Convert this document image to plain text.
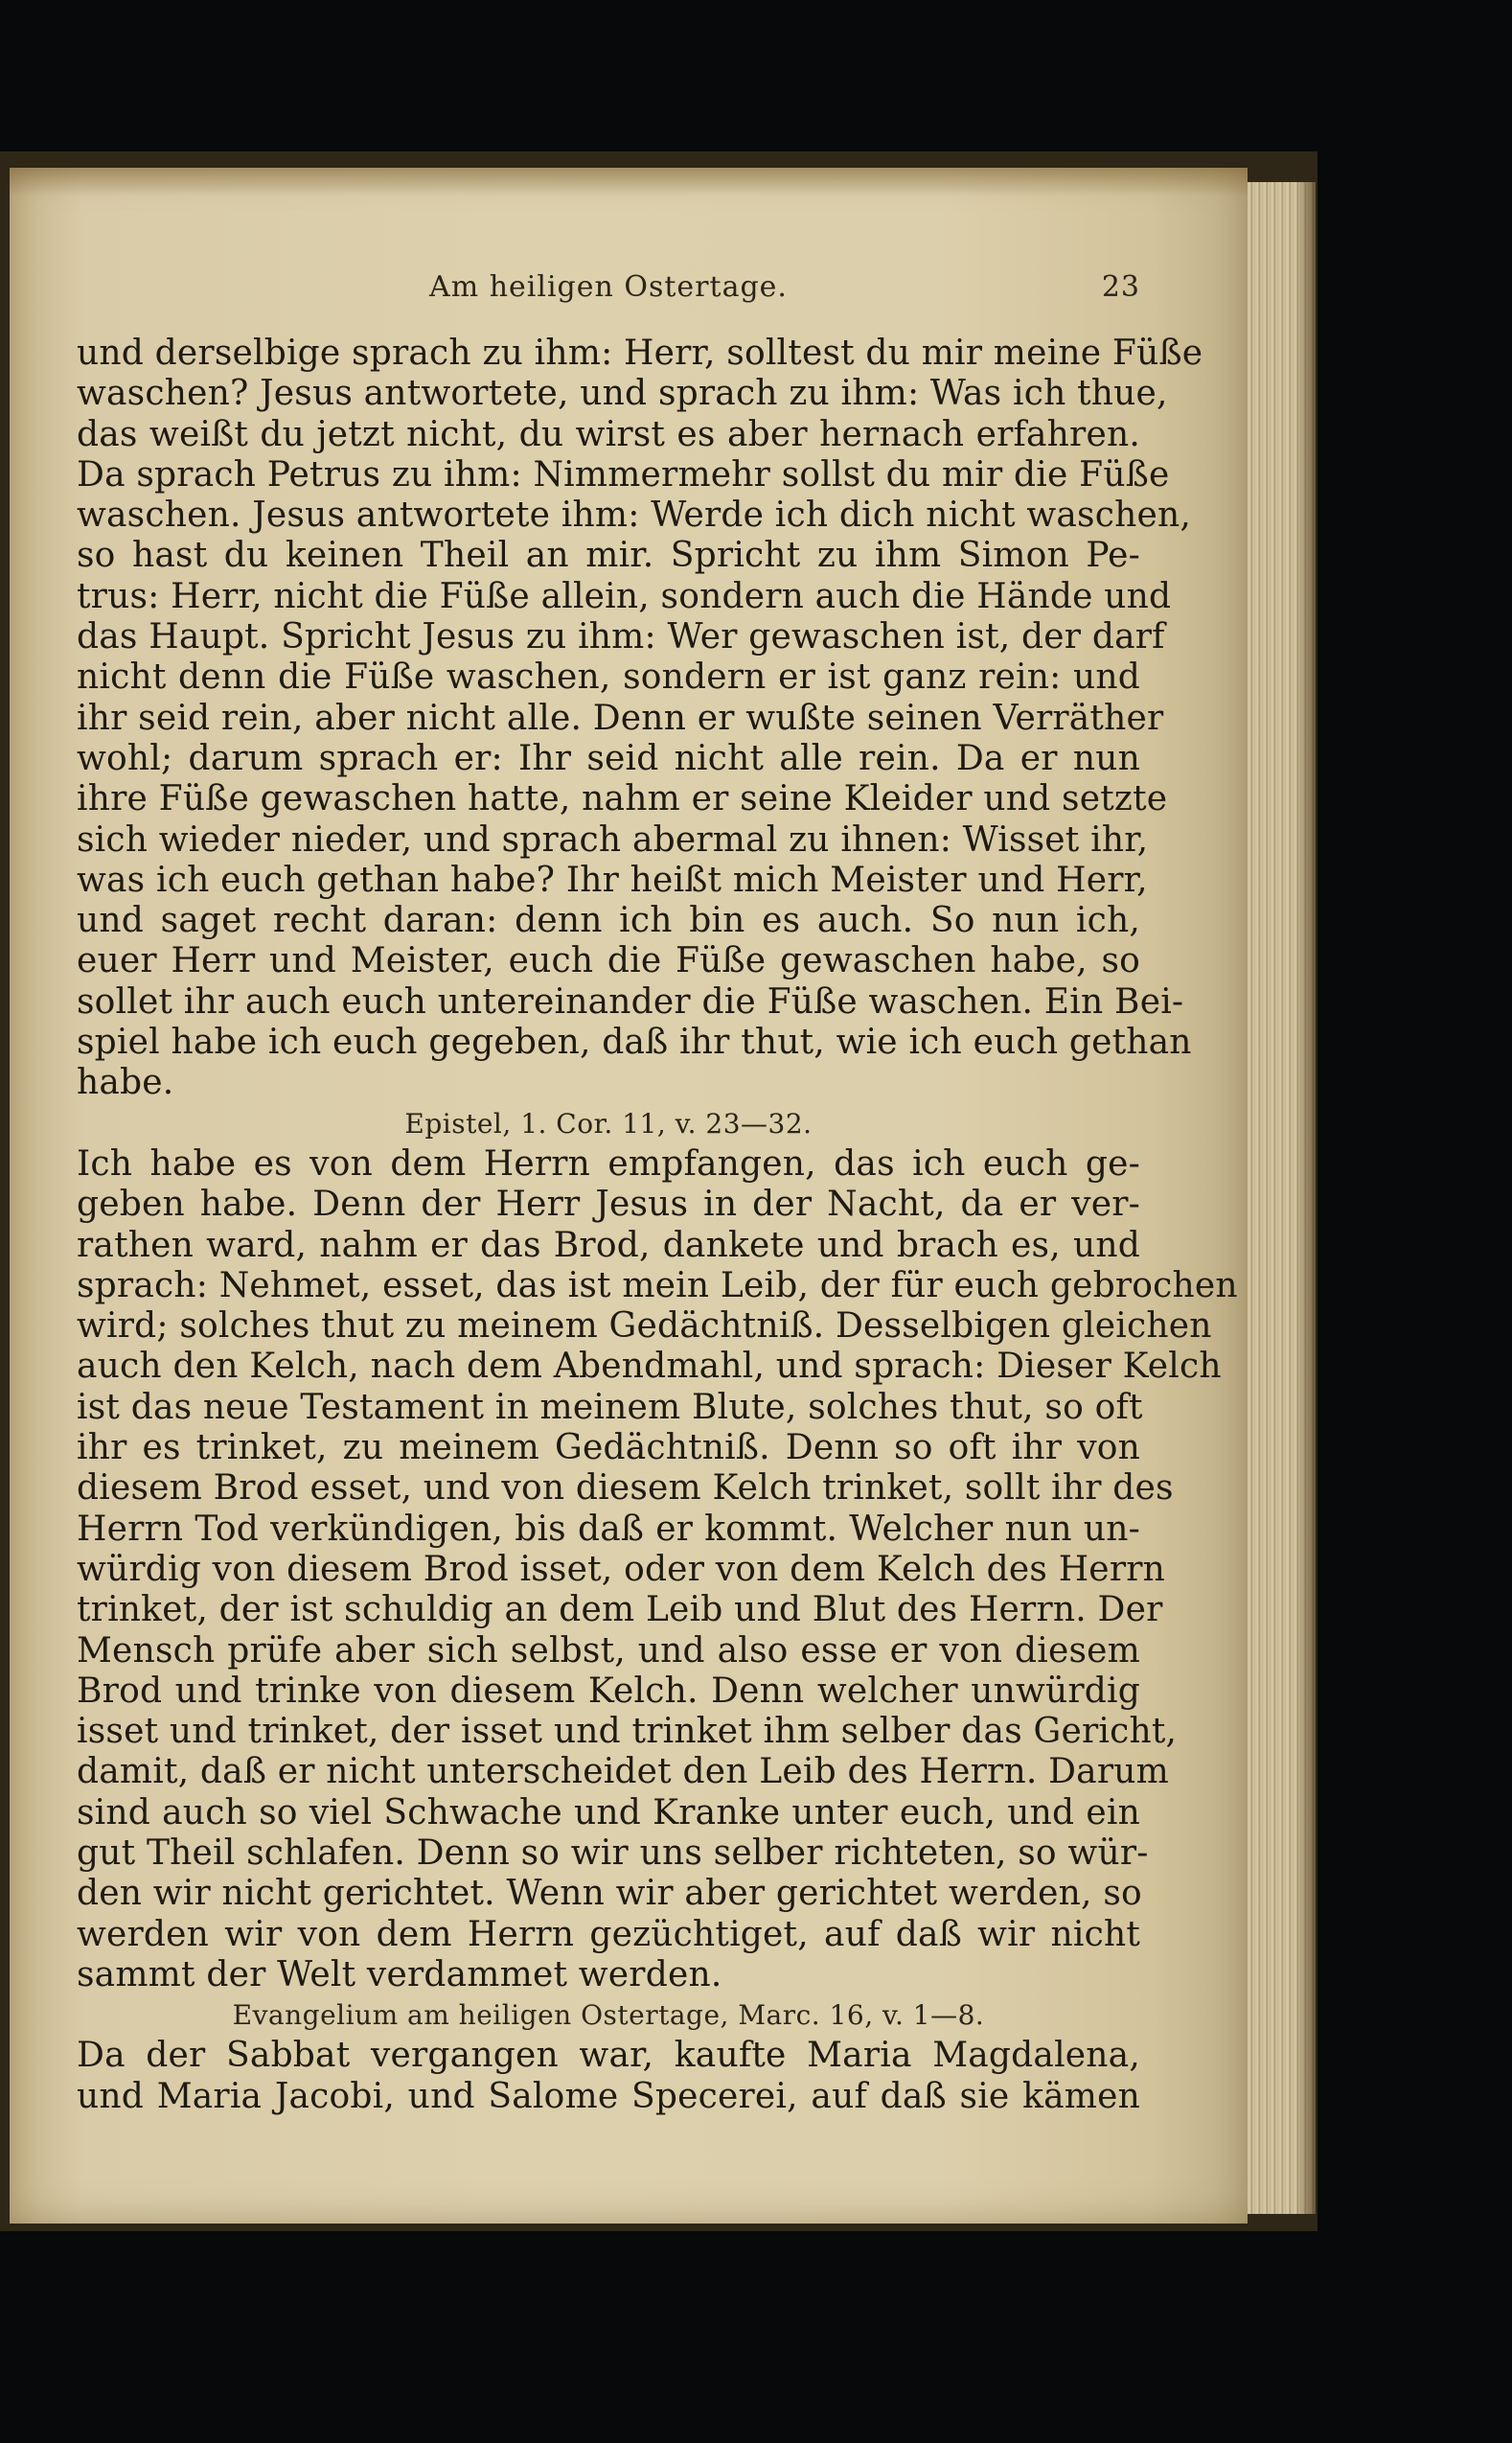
Am heiligen Ostertage.	23
und derselbige sprach zu ihm: Herr, solltest du mir meine Füße
waschen? Jesus antwortete, und sprach zu ihm: Was ich thue,
das weißt du jetzt nicht, du wirst es aber hernach erfahren.
Da sprach Petrus zu ihm: Nimmermehr sollst du mir die Füße
waschen. Jesus antwortete ihm: Werde ich dich nicht waschen,
so hast du keinen Theil an mir. Spricht zu ihm Simon Pe-
trus: Herr, nicht die Füße allein, sondern auch die Hände und
das Haupt. Spricht Jesus zu ihm: Wer gewaschen ist, der darf
nicht denn die Füße waschen, sondern er ist ganz rein: und
ihr seid rein, aber nicht alle. Denn er wußte seinen Verräther
wohl; darum sprach er: Ihr seid nicht alle rein. Da er nun
ihre Füße gewaschen hatte, nahm er seine Kleider und setzte
sich wieder nieder, und sprach abermal zu ihnen: Wisset ihr,
was ich euch gethan habe? Ihr heißt mich Meister und Herr,
und saget recht daran: denn ich bin es auch. So nun ich,
euer Herr und Meister, euch die Füße gewaschen habe, so
sollet ihr auch euch untereinander die Füße waschen. Ein Bei-
spiel habe ich euch gegeben, daß ihr thut, wie ich euch gethan
habe.
Epistel, 1. Cor. 11, v. 23—32.
Ich habe es von dem Herrn empfangen, das ich euch ge-
geben habe. Denn der Herr Jesus in der Nacht, da er ver-
rathen ward, nahm er das Brod, dankete und brach es, und
sprach: Nehmet, esset, das ist mein Leib, der für euch gebrochen
wird; solches thut zu meinem Gedächtniß. Desselbigen gleichen
auch den Kelch, nach dem Abendmahl, und sprach: Dieser Kelch
ist das neue Testament in meinem Blute, solches thut, so oft
ihr es trinket, zu meinem Gedächtniß. Denn so oft ihr von
diesem Brod esset, und von diesem Kelch trinket, sollt ihr des
Herrn Tod verkündigen, bis daß er kommt. Welcher nun un-
würdig von diesem Brod isset, oder von dem Kelch des Herrn
trinket, der ist schuldig an dem Leib und Blut des Herrn. Der
Mensch prüfe aber sich selbst, und also esse er von diesem
Brod und trinke von diesem Kelch. Denn welcher unwürdig
isset und trinket, der isset und trinket ihm selber das Gericht,
damit, daß er nicht unterscheidet den Leib des Herrn. Darum
sind auch so viel Schwache und Kranke unter euch, und ein
gut Theil schlafen. Denn so wir uns selber richteten, so wür-
den wir nicht gerichtet. Wenn wir aber gerichtet werden, so
werden wir von dem Herrn gezüchtiget, auf daß wir nicht
sammt der Welt verdammet werden.
Evangelium am heiligen Ostertage, Marc. 16, v. 1—8.
Da der Sabbat vergangen war, kaufte Maria Magdalena,
und Maria Jacobi, und Salome Specerei, auf daß sie kämen
